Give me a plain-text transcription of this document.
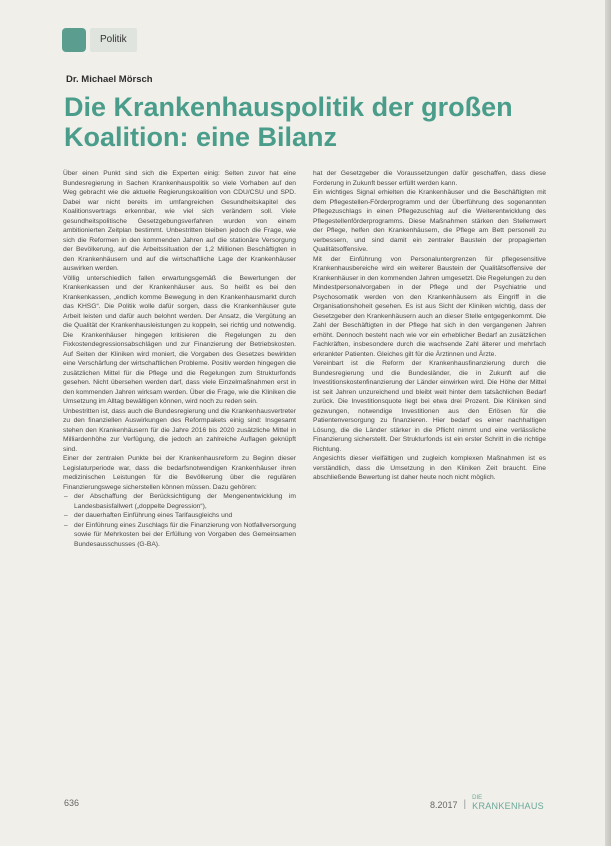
Politik
Dr. Michael Mörsch
Die Krankenhauspolitik der großen Koalition: eine Bilanz

Über einen Punkt sind sich die Experten einig: Selten zuvor hat eine Bundesregierung in Sachen Krankenhauspolitik so viele Vorhaben auf den Weg gebracht wie die aktuelle Regierungskoalition von CDU/CSU und SPD. Dabei war nicht bereits im umfangreichen Gesundheitskapitel des Koalitionsvertrags erkennbar, wie viel sich verändern soll. Viele gesundheitspolitische Gesetzgebungsverfahren wurden von einem ambitionierten Zeitplan bestimmt. Unbestritten bleiben jedoch die Frage, wie sich die Reformen in den kommenden Jahren auf die stationäre Versorgung der Bevölkerung, auf die Arbeitssituation der 1,2 Millionen Beschäftigten in den Krankenhäusern und auf die wirtschaftliche Lage der Krankenhäuser auswirken werden.

Völlig unterschiedlich fallen erwartungsgemäß die Bewertungen der Krankenkassen und der Krankenhäuser aus. So heißt es bei den Krankenkassen, „endlich komme Bewegung in den Krankenhausmarkt durch das KHSG“. Die Politik wolle dafür sorgen, dass die Krankenhäuser gute Arbeit leisten und dafür auch belohnt werden. Der Ansatz, die Vergütung an die Qualität der Krankenhausleistungen zu koppeln, sei richtig und notwendig. Die Krankenhäuser hingegen kritisieren die Regelungen zu den Fixkostendegressionsabschlägen und zur Finanzierung der Betriebskosten. Auf Seiten der Kliniken wird moniert, die Vorgaben des Gesetzes bewirkten eine Verschärfung der wirtschaftlichen Probleme. Positiv werden hingegen die zusätzlichen Mittel für die Pflege und die Regelungen zum Strukturfonds gesehen. Nicht übersehen werden darf, dass viele Einzelmaßnahmen erst in den kommenden Jahren wirksam werden. Über die Frage, wie die Kliniken die Umsetzung im Alltag bewältigen können, wird noch zu reden sein.

Unbestritten ist, dass auch die Bundesregierung und die Krankenhausvertreter zu den finanziellen Auswirkungen des Reformpakets einig sind: Insgesamt stehen den Krankenhäusern für die Jahre 2016 bis 2020 zusätzliche Mittel in Milliardenhöhe zur Verfügung, die jedoch an zahlreiche Auflagen geknüpft sind.

Einer der zentralen Punkte bei der Krankenhausreform zu Beginn dieser Legislaturperiode war, dass die bedarfsnotwendigen Krankenhäuser ihren medizinischen Leistungen für die Bevölkerung über die regulären Finanzierungswege sicherstellen können müssen. Dazu gehören:

– der Abschaffung der Berücksichtigung der Mengenentwicklung im Landesbasisfallwert („doppelte Degression“),
– der dauerhaften Einführung eines Tarifausgleichs und
– der Einführung eines Zuschlags für die Finanzierung von Notfallversorgung sowie für Mehrkosten bei der Erfüllung von Vorgaben des Gemeinsamen Bundesausschusses (G-BA).

hat der Gesetzgeber die Voraussetzungen dafür geschaffen, dass diese Forderung in Zukunft besser erfüllt werden kann.

Ein wichtiges Signal erhielten die Krankenhäuser und die Beschäftigten mit dem Pflegestellen-Förderprogramm und der Überführung des sogenannten Pflegezuschlags in einen Pflegezuschlag auf die Weiterentwicklung des Pflegestellenförderprogramms. Diese Maßnahmen stärken den Stellenwert der Pflege, helfen den Krankenhäusern, die Pflege am Bett personell zu verbessern, und sind damit ein zentraler Baustein der propagierten Qualitätsoffensive.

Mit der Einführung von Personaluntergrenzen für pflegesensitive Krankenhausbereiche wird ein weiterer Baustein der Qualitätsoffensive der Krankenhäuser in den kommenden Jahren umgesetzt. Die Regelungen zu den Mindestpersonalvorgaben in der Pflege und der Psychiatrie und Psychosomatik werden von den Krankenhäusern als Eingriff in die Organisationshoheit gesehen. Es ist aus Sicht der Kliniken wichtig, dass der Gesetzgeber den Krankenhäusern auch an dieser Stelle entgegenkommt. Die Zahl der Beschäftigten in der Pflege hat sich in den vergangenen Jahren erhöht. Dennoch besteht nach wie vor ein erheblicher Bedarf an zusätzlichen Fachkräften, insbesondere durch die wachsende Zahl älterer und mehrfach erkrankter Patienten. Gleiches gilt für die Ärztinnen und Ärzte.

Vereinbart ist die Reform der Krankenhausfinanzierung durch die Bundesregierung und die Bundesländer, die in Zukunft auf die Investitionskostenfinanzierung der Länder einwirken wird. Die Höhe der Mittel ist seit Jahren unzureichend und bleibt weit hinter dem tatsächlichen Bedarf zurück. Die Investitionsquote liegt bei etwa drei Prozent. Die Kliniken sind gezwungen, notwendige Investitionen aus den Erlösen für die Patientenversorgung zu finanzieren. Hier bedarf es einer nachhaltigen Lösung, die die Länder stärker in die Pflicht nimmt und eine verlässliche Finanzierung sicherstellt. Der Strukturfonds ist ein erster Schritt in die richtige Richtung.

Angesichts dieser vielfältigen und zugleich komplexen Maßnahmen ist es verständlich, dass die Umsetzung in den Kliniken Zeit braucht. Eine abschließende Bewertung ist daher heute noch nicht möglich.

636	8.2017 |
DIE
KRANKENHAUS
